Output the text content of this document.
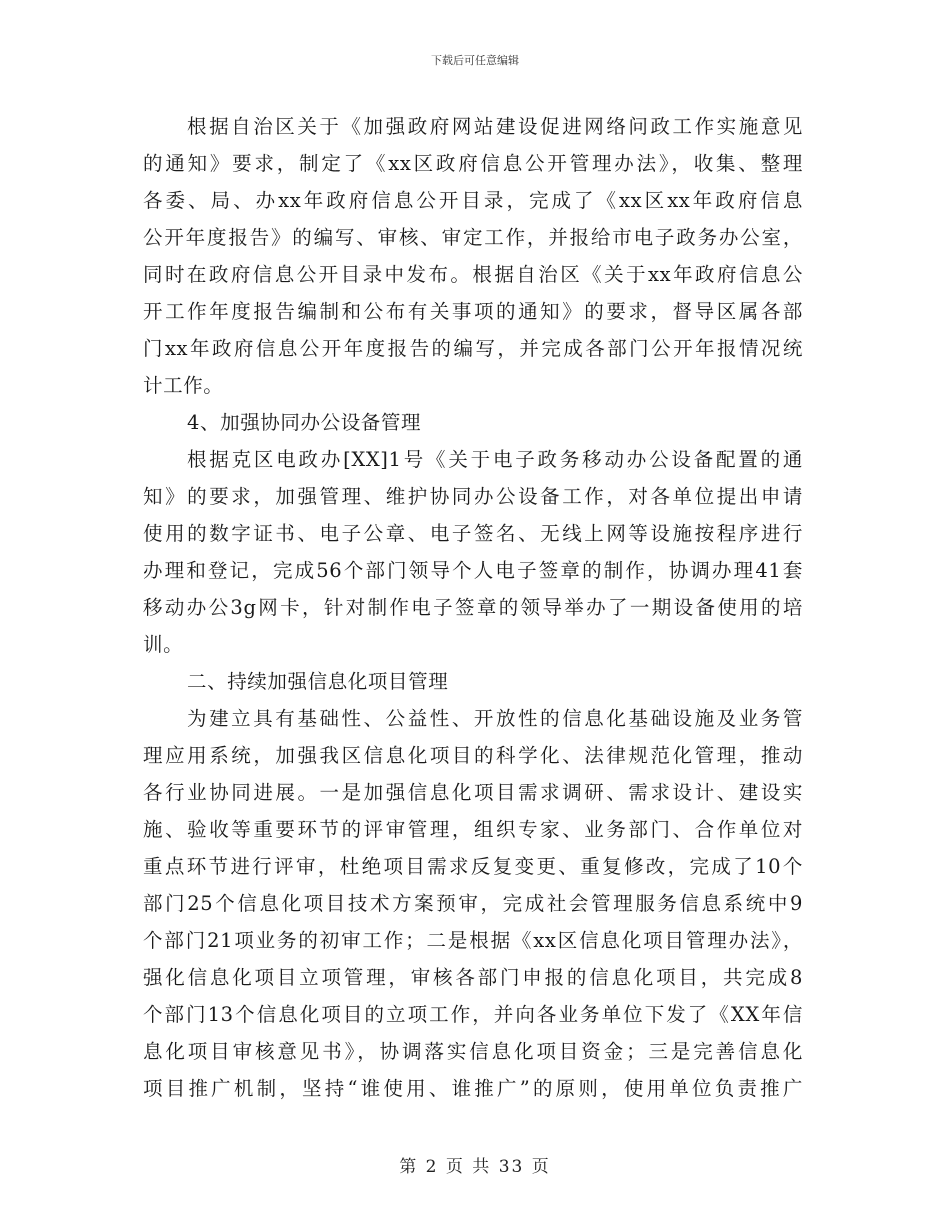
下载后可任意编辑
根据自治区关于《加强政府网站建设促进网络问政工作实施意见
的通知》要求，制定了《xx区政府信息公开管理办法》，收集、整理
各委、局、办xx年政府信息公开目录，完成了《xx区xx年政府信息
公开年度报告》的编写、审核、审定工作，并报给市电子政务办公室，
同时在政府信息公开目录中发布。根据自治区《关于xx年政府信息公
开工作年度报告编制和公布有关事项的通知》的要求，督导区属各部
门xx年政府信息公开年度报告的编写，并完成各部门公开年报情况统
计工作。
4、加强协同办公设备管理
根据克区电政办[XX]1号《关于电子政务移动办公设备配置的通
知》的要求，加强管理、维护协同办公设备工作，对各单位提出申请
使用的数字证书、电子公章、电子签名、无线上网等设施按程序进行
办理和登记，完成56个部门领导个人电子签章的制作，协调办理41套
移动办公3g网卡，针对制作电子签章的领导举办了一期设备使用的培
训。
二、持续加强信息化项目管理
为建立具有基础性、公益性、开放性的信息化基础设施及业务管
理应用系统，加强我区信息化项目的科学化、法律规范化管理，推动
各行业协同进展。一是加强信息化项目需求调研、需求设计、建设实
施、验收等重要环节的评审管理，组织专家、业务部门、合作单位对
重点环节进行评审，杜绝项目需求反复变更、重复修改，完成了10个
部门25个信息化项目技术方案预审，完成社会管理服务信息系统中9
个部门21项业务的初审工作；二是根据《xx区信息化项目管理办法》，
强化信息化项目立项管理，审核各部门申报的信息化项目，共完成8
个部门13个信息化项目的立项工作，并向各业务单位下发了《XX年信
息化项目审核意见书》，协调落实信息化项目资金；三是完善信息化
项目推广机制，坚持“谁使用、谁推广”的原则，使用单位负责推广
第 2 页 共 33 页
